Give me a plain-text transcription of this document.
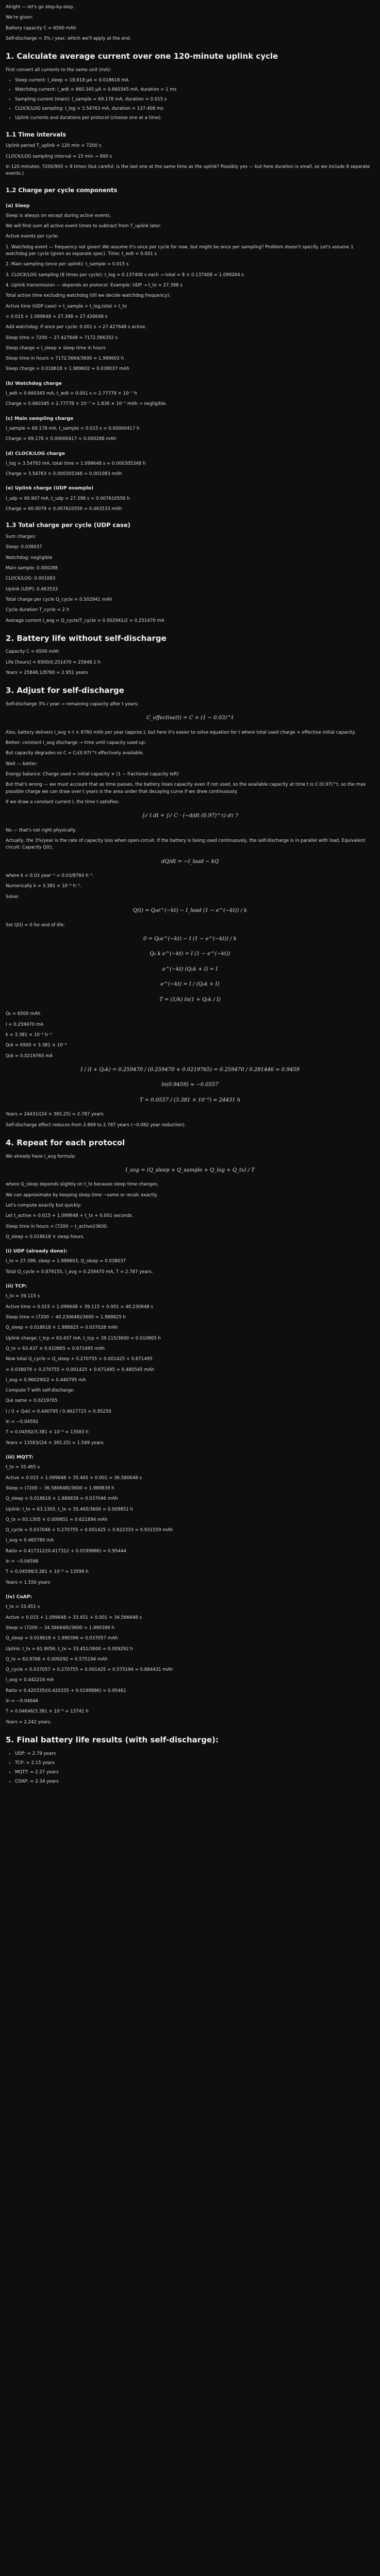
Alright — let's go step-by-step.

We're given:

Battery capacity C = 6500 mAh

Self-discharge = 3% / year, which we'll apply at the end.

1. Calculate average current over one 120-minute uplink cycle

First convert all currents to the same unit (mA):

• Sleep current: I_sleep = 18.618 μA = 0.018618 mA
• Watchdog current: I_wdt = 660.345 μA = 0.660345 mA, duration = 1 ms
• Sampling current (main): I_sample = 69.178 mA, duration = 0.015 s
• CLOCK/LOG sampling: I_log = 3.54763 mA, duration = 137.408 ms
• Uplink currents and durations per protocol (choose one at a time).
1.1 Time intervals

Uplink period T_uplink = 120 min = 7200 s

CLOCK/LOG sampling interval = 15 min → 900 s

In 120 minutes: 7200/900 = 8 times (but careful: is the last one at the same time as the uplink? Possibly yes — but here duration is small, so we include 8 separate events.)

1.2 Charge per cycle components
(a) Sleep

Sleep is always on except during active events.

We will first sum all active event times to subtract from T_uplink later.

Active events per cycle:

1. Watchdog event — frequency not given! We assume it's once per cycle for now, but might be once per sampling? Problem doesn't specify. Let's assume 1 watchdog per cycle (given as separate spec). Time: t_wdt = 0.001 s

2. Main sampling (once per uplink): t_sample = 0.015 s

3. CLOCK/LOG sampling (8 times per cycle): t_log = 0.137408 s each → total = 8 × 0.137408 = 1.099264 s

4. Uplink transmission — depends on protocol. Example: UDP → t_tx = 27.398 s

Total active time excluding watchdog (till we decide watchdog frequency):

Active time (UDP case) = t_sample + t_log,total + t_tx

= 0.015 + 1.099648 + 27.398 = 27.426648 s

Add watchdog: if once per cycle: 0.001 s → 27.427648 s active.

Sleep time = 7200 − 27.427648 ≈ 7172.566352 s

Sleep charge = I_sleep × sleep time in hours

Sleep time in hours = 7172.5664/3600 ≈ 1.989602 h

Sleep charge = 0.018618 × 1.989602 ≈ 0.038037 mAh

(b) Watchdog charge

I_wdt = 0.660345 mA, t_wdt = 0.001 s = 2.77778 × 10⁻⁷ h

Charge = 0.660345 × 2.77778 × 10⁻⁷ ≈ 1.836 × 10⁻⁷ mAh → negligible.

(c) Main sampling charge

I_sample = 69.178 mA, t_sample = 0.015 s = 0.00000417 h

Charge = 69.178 × 0.00000417 ≈ 0.000288 mAh

(d) CLOCK/LOG charge

I_log = 3.54763 mA, total time = 1.099648 s = 0.000305348 h

Charge = 3.54763 × 0.000305348 ≈ 0.001083 mAh

(e) Uplink charge (UDP example)

I_udp = 60.907 mA, t_udp = 27.398 s = 0.007610556 h

Charge = 60.9079 × 0.007610556 ≈ 0.463533 mAh

1.3 Total charge per cycle (UDP case)

Sum charges:

Sleep: 0.038037

Watchdog: negligible

Main sample: 0.000288

CLOCK/LOG: 0.001083

Uplink (UDP): 0.463533

Total charge per cycle Q_cycle = 0.502941 mAh

Cycle duration T_cycle = 2 h

Average current I_avg = Q_cycle/T_cycle = 0.502941/2 ≈ 0.251470 mA

2. Battery life without self-discharge

Capacity C = 6500 mAh

Life [hours] = 6500/0.251470 ≈ 25848.1 h

Years = 25848.1/8760 ≈ 2.951 years

3. Adjust for self-discharge

Self-discharge 3% / year → remaining capacity after t years:

C_effective(t) = C × (1 − 0.03)^t

Also, battery delivers I_avg × t × 8760 mAh per year (approx.), but here it's easier to solve equation for t where total used charge = effective initial capacity.

Better: constant I_avg discharge → time until capacity used up:

But capacity degrades so C = C₀(0.97)^t effectively available.

Wait — better:

Energy balance: Charge used = initial capacity × (1 − fractional capacity left)

But that's wrong — we must account that as time passes, the battery loses capacity even if not used, so the available capacity at time t is C·(0.97)^t, so the max possible charge we can draw over t years is the area under that decaying curve if we drew continuously.

If we draw a constant current I, the time t satisfies:

∫₀ᵗ I dt = ∫₀ᵗ C · (−d/dt (0.97)^τ) dτ ?

No — that's not right physically.

Actually, the 3%/year is the rate of capacity loss when open-circuit. If the battery is being used continuously, the self-discharge is in parallel with load. Equivalent circuit: Capacity Q(t),

dQ/dt = −I_load − kQ

where k = 0.03 year⁻¹ = 0.03/8760 h⁻¹.

Numerically k = 3.381 × 10⁻⁶ h⁻¹.

Solve:

Q(t) = Q₀e^(−kt) − I_load (1 − e^(−kt)) / k

Set Q(t) = 0 for end of life:

0 = Q₀e^(−kt) − I (1 − e^(−kt)) / k
Q₀ k e^(−kt) = I (1 − e^(−kt))
e^(−kt) (Q₀k + I) = I
e^(−kt) = I / (Q₀k + I)
T = (1/k) ln(1 + Q₀k / I)

Q₀ = 6500 mAh

I = 0.259470 mA

k = 3.381 × 10⁻⁶ h⁻¹

Q₀k = 6500 × 3.381 × 10⁻⁶

Q₀k ≈ 0.0219765 mA

I / (I + Q₀k) = 0.259470 / (0.259470 + 0.0219765) = 0.259470 / 0.281446 ≈ 0.9459
ln(0.9459) ≈ −0.0557
T = 0.0557 / (3.381 × 10⁻⁶) ≈ 24431 h

Years = 24431/(24 × 365.25) ≈ 2.787 years

Self-discharge effect reduces from 2.869 to 2.787 years (~0.082 year reduction).

4. Repeat for each protocol

We already have I_avg formula:

I_avg = (Q_sleep + Q_sample + Q_log + Q_tx) / T

where Q_sleep depends slightly on t_tx because sleep time changes.

We can approximate by keeping sleep time ~same or recalc exactly.

Let's compute exactly but quickly:

Let t_active = 0.015 + 1.099648 + t_tx + 0.001 seconds.

Sleep time in hours = (7200 − t_active)/3600.

Q_sleep = 0.018618 × sleep hours.

(i) UDP (already done):

I_tx = 27.398, sleep = 1.989603, Q_sleep = 0.038037

Total Q_cycle = 0.879155, I_avg = 0.259470 mA, T = 2.787 years.

(ii) TCP:

t_tx = 39.115 s

Active time = 0.015 + 1.099648 + 39.115 + 0.001 = 40.230648 s

Sleep time = (7200 − 40.230648)/3600 = 1.988825 h

Q_sleep = 0.018618 × 1.988825 ≈ 0.037028 mAh

Uplink charge: I_tcp = 63.437 mA, t_tcp = 39.115/3600 = 0.010865 h

Q_tx = 63.437 × 0.010865 ≈ 0.671495 mAh

Now total Q_cycle = Q_sleep + 0.270755 + 0.001425 + 0.671495

= 0.038079 + 0.270755 + 0.001425 + 0.671495 ≈ 0.480545 mAh

I_avg = 0.960290/2 = 0.440795 mA

Compute T with self-discharge:

Q₀k same = 0.0219765

I / (I + Q₀k) = 0.440795 / 0.4627715 = 0.95250

ln = −0.04592

T = 0.04592/3.381 × 10⁻⁶ = 13583 h

Years = 13583/(24 × 365.25) = 1.549 years

(iii) MQTT:

t_tx = 35.465 s

Active = 0.015 + 1.099648 + 35.465 + 0.001 = 36.580648 s

Sleep = (7200 − 36.580648)/3600 = 1.989839 h

Q_sleep = 0.018618 × 1.989839 = 0.037046 mAh

Uplink: I_tx = 63.1305, t_tx = 35.465/3600 = 0.009851 h

Q_tx = 63.1305 × 0.009851 ≈ 0.621894 mAh

Q_cycle = 0.037046 + 0.270755 + 0.001425 + 0.622333 ≈ 0.931559 mAh

I_avg = 0.465780 mA

Ratio = 0.417312/(0.417312 + 0.0199886) = 0.95444

ln = −0.04598

T = 0.04598/3.381 × 10⁻⁶ = 13599 h

Years = 1.550 years

(iv) CoAP:

t_tx = 33.451 s

Active = 0.015 + 1.099648 + 33.451 + 0.001 = 34.566648 s

Sleep = (7200 − 34.566648)/3600 = 1.990396 h

Q_sleep = 0.018618 × 1.990396 = 0.037057 mAh

Uplink: I_tx = 61.9056, t_tx = 33.451/3600 = 0.009292 h

Q_tx = 63.9766 × 0.009292 ≈ 0.575194 mAh

Q_cycle = 0.037057 + 0.270755 + 0.001425 + 0.575194 ≈ 0.884431 mAh

I_avg = 0.442216 mA

Ratio = 0.420335/(0.420335 + 0.0199886) = 0.95461

ln = −0.04646

T = 0.04646/3.381 × 10⁻⁶ = 13741 h

Years = 2.242 years.

5. Final battery life results (with self-discharge):
• UDP: ≈ 2.79 years
• TCP: ≈ 2.15 years
• MQTT: ≈ 2.27 years
• COAP: ≈ 2.34 years
